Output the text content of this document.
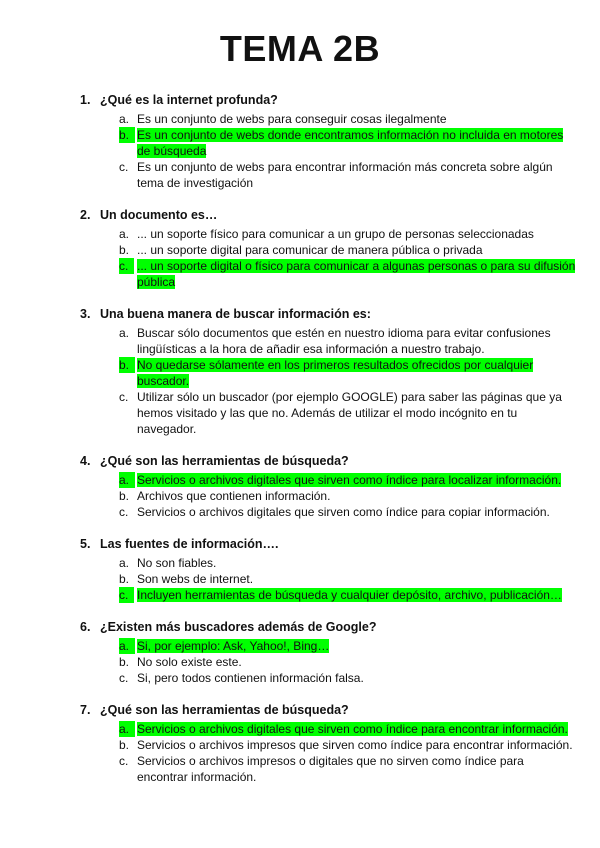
TEMA 2B
1. ¿Qué es la internet profunda?
a. Es un conjunto de webs para conseguir cosas ilegalmente
b. Es un conjunto de webs donde encontramos información no incluida en motores de búsqueda
c. Es un conjunto de webs para encontrar información más concreta sobre algún tema de investigación
2. Un documento es…
a. ... un soporte físico para comunicar a un grupo de personas seleccionadas
b. ... un soporte digital para comunicar de manera pública o privada
c. ... un soporte digital o físico para comunicar a algunas personas o para su difusión pública
3. Una buena manera de buscar información es:
a. Buscar sólo documentos que estén en nuestro idioma para evitar confusiones lingüísticas a la hora de añadir esa información a nuestro trabajo.
b. No quedarse sólamente en los primeros resultados ofrecidos por cualquier buscador.
c. Utilizar sólo un buscador (por ejemplo GOOGLE) para saber las páginas que ya hemos visitado y las que no. Además de utilizar el modo incógnito en tu navegador.
4. ¿Qué son las herramientas de búsqueda?
a. Servicios o archivos digitales que sirven como índice para localizar información.
b. Archivos que contienen información.
c. Servicios o archivos digitales que sirven como índice para copiar información.
5. Las fuentes de información….
a. No son fiables.
b. Son webs de internet.
c. Incluyen herramientas de búsqueda y cualquier depósito, archivo, publicación…
6. ¿Existen más buscadores además de Google?
a. Si, por ejemplo: Ask, Yahoo!, Bing…
b. No solo existe este.
c. Si, pero todos contienen información falsa.
7. ¿Qué son las herramientas de búsqueda?
a. Servicios o archivos digitales que sirven como índice para encontrar información.
b. Servicios o archivos impresos que sirven como índice para encontrar información.
c. Servicios o archivos impresos o digitales que no sirven como índice para encontrar información.
